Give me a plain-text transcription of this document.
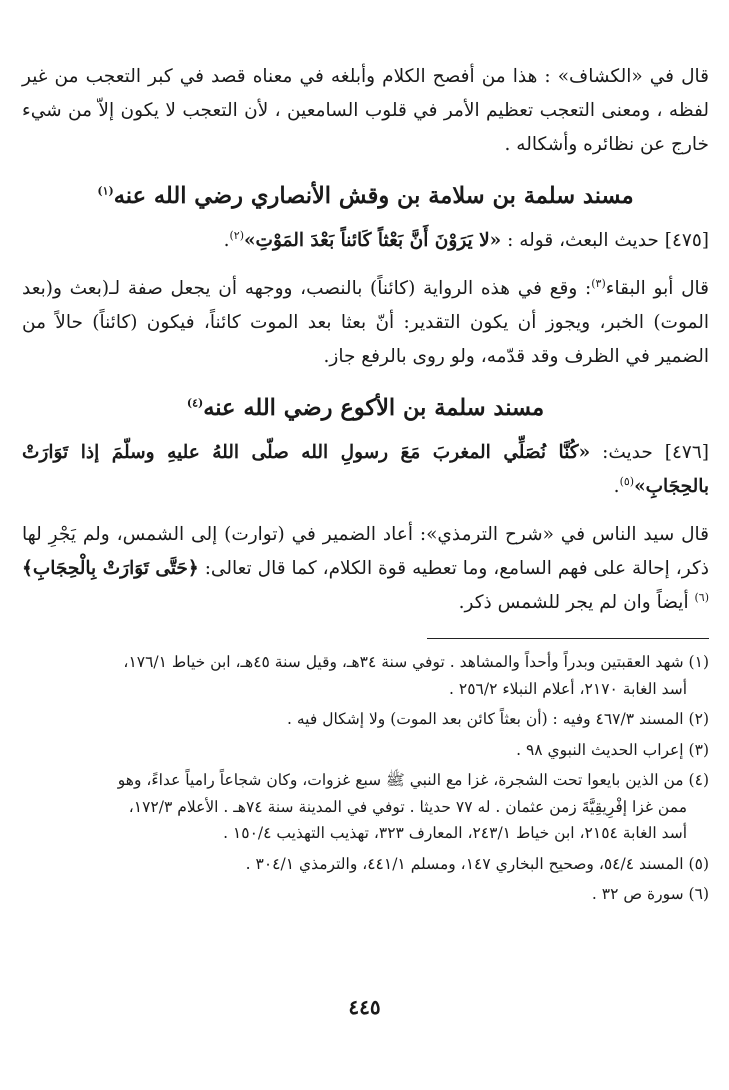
قال في «الكشاف» : هذا من أفصح الكلام وأبلغه في معناه قصد في كبر التعجب من غير لفظه ، ومعنى التعجب تعظيم الأمر في قلوب السامعين ، لأن التعجب لا يكون إلاّ من شيء خارج عن نظائره وأشكاله .

مسند سلمة بن سلامة بن وقش الأنصاري رضي الله عنه$^{(١)}$

[٤٧٥] حديث البعث، قوله : «لا يَرَوْنَ أَنَّ بَعْثاً كَائناً بَعْدَ المَوْتِ»$^{(٢)}$.

قال أبو البقاء$^{(٣)}$: وقع في هذه الرواية (كائناً) بالنصب، ووجهه أن يجعل صفة لـ(بعث و(بعد الموت) الخبر، ويجوز أن يكون التقدير: أنّ بعثا بعد الموت كائناً، فيكون (كائناً) حالاً من الضمير في الظرف وقد قدّمه، ولو روى بالرفع جاز.

مسند سلمة بن الأكوع رضي الله عنه$^{(٤)}$

[٤٧٦] حديث: «كُنَّا نُصَلِّي المغربَ مَعَ رسولِ الله صلّى اللهُ عليهِ وسلّمَ إذا تَوَارَتْ بالحِجَابِ»$^{(٥)}$.

قال سيد الناس في «شرح الترمذي»: أعاد الضمير في (توارت) إلى الشمس، ولم يَجْرِ لها ذكر، إحالة على فهم السامع، وما تعطيه قوة الكلام، كما قال تعالى: ﴿حَتَّى تَوَارَتْ بِالْحِجَابِ﴾$^{(٦)}$ أيضاً وان لم يجر للشمس ذكر.

(١) شهد العقبتين وبدراً وأحداً والمشاهد . توفي سنة ٣٤هـ، وقيل سنة ٤٥هـ، ابن خياط ١٧٦/١،
أسد الغابة ٢١٧٠، أعلام النبلاء ٢٥٦/٢ .
(٢) المسند ٤٦٧/٣ وفيه : (أن بعثاً كائن بعد الموت) ولا إشكال فيه .
(٣) إعراب الحديث النبوي ٩٨ .
(٤) من الذين بايعوا تحت الشجرة، غزا مع النبي ﷺ سبع غزوات، وكان شجاعاً رامياً عداءً، وهو
ممن غزا إفْرِيقِيَّةَ زمن عثمان . له ٧٧ حديثا . توفي في المدينة سنة ٧٤هـ . الأعلام ١٧٢/٣،
أسد الغابة ٢١٥٤، ابن خياط ٢٤٣/١، المعارف ٣٢٣، تهذيب التهذيب ١٥٠/٤ .
(٥) المسند ٥٤/٤، وصحيح البخاري ١٤٧، ومسلم ٤٤١/١، والترمذي ٣٠٤/١ .
(٦) سورة ص ٣٢ .
٤٤٥
